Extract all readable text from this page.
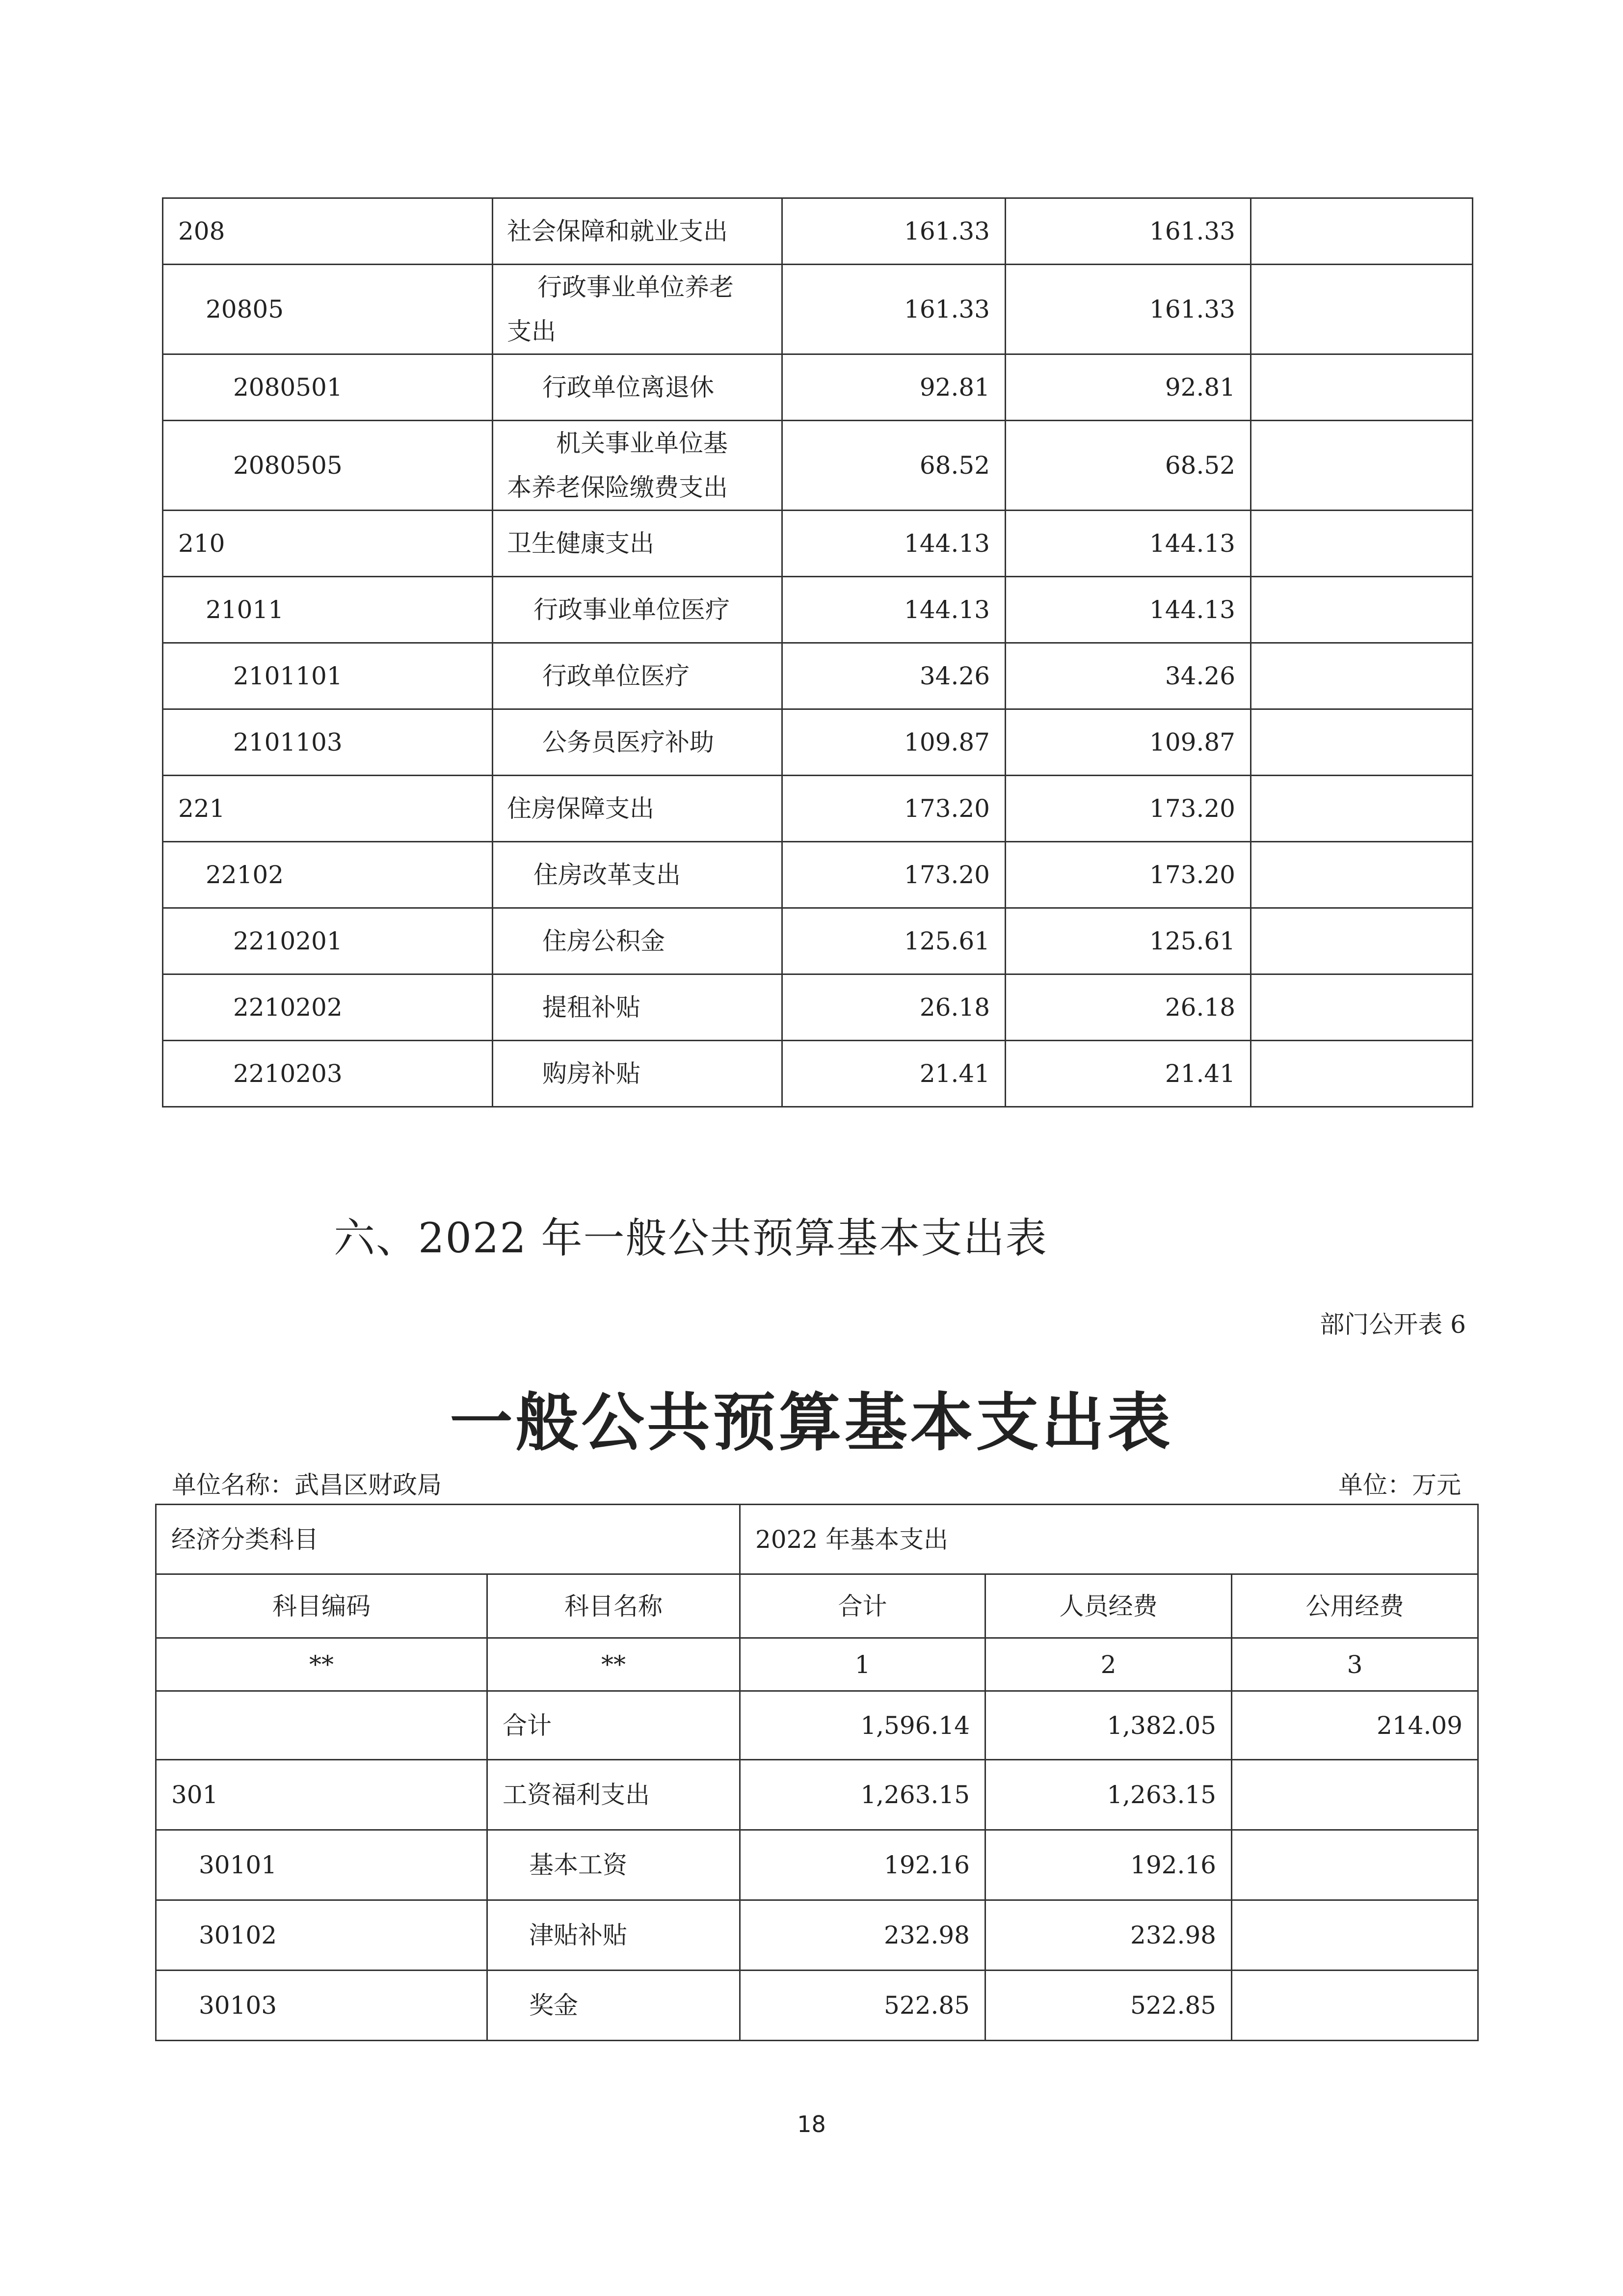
208	社会保障和就业支出	161.33	161.33	
20805	行政事业单位养老
支出	161.33	161.33	
2080501	行政单位离退休	92.81	92.81	
2080505	机关事业单位基
本养老保险缴费支出	68.52	68.52	
210	卫生健康支出	144.13	144.13	
21011	行政事业单位医疗	144.13	144.13	
2101101	行政单位医疗	34.26	34.26	
2101103	公务员医疗补助	109.87	109.87	
221	住房保障支出	173.20	173.20	
22102	住房改革支出	173.20	173.20	
2210201	住房公积金	125.61	125.61	
2210202	提租补贴	26.18	26.18	
2210203	购房补贴	21.41	21.41	
六、2022 年一般公共预算基本支出表
部门公开表 6
一般公共预算基本支出表
单位名称：武昌区财政局	单位：万元
经济分类科目		2022 年基本支出		
科目编码	科目名称	合计	人员经费	公用经费
**	**	1	2	3
	合计	1,596.14	1,382.05	214.09
301	工资福利支出	1,263.15	1,263.15	
30101	基本工资	192.16	192.16	
30102	津贴补贴	232.98	232.98	
30103	奖金	522.85	522.85	
18
